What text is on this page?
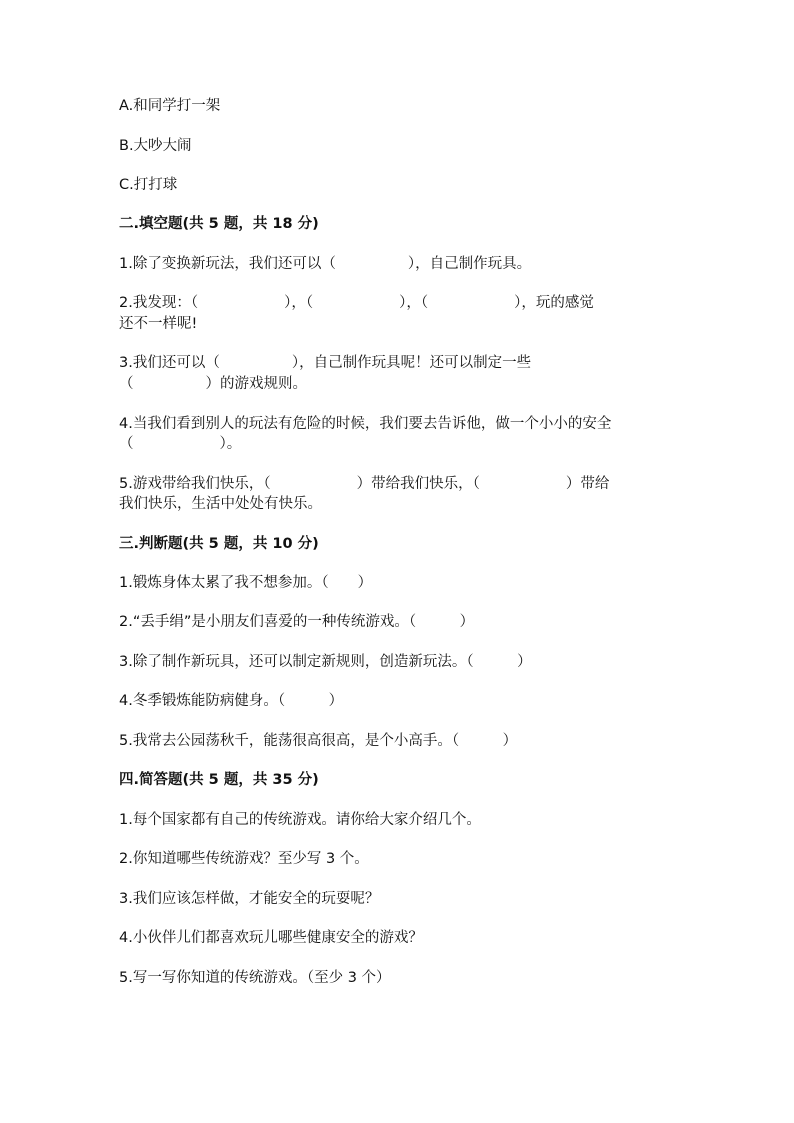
A.和同学打一架
B.大吵大闹
C.打打球
二.填空题(共 5 题，共 18 分)
1.除了变换新玩法，我们还可以（	），自己制作玩具。
2.我发现：（	），（	），（	），玩的感觉
还不一样呢!
3.我们还可以（	），自己制作玩具呢！还可以制定一些
（	）的游戏规则。
4.当我们看到别人的玩法有危险的时候，我们要去告诉他，做一个小小的安全
（	）。
5.游戏带给我们快乐，（	）带给我们快乐，（	）带给
我们快乐，生活中处处有快乐。
三.判断题(共 5 题，共 10 分)
1.锻炼身体太累了我不想参加。（　　）
2.“丢手绢”是小朋友们喜爱的一种传统游戏。（　　　）
3.除了制作新玩具，还可以制定新规则，创造新玩法。（　　　）
4.冬季锻炼能防病健身。（　　　）
5.我常去公园荡秋千，能荡很高很高，是个小高手。（　　　）
四.简答题(共 5 题，共 35 分)
1.每个国家都有自己的传统游戏。请你给大家介绍几个。
2.你知道哪些传统游戏？至少写 3 个。
3.我们应该怎样做，才能安全的玩耍呢？
4.小伙伴儿们都喜欢玩儿哪些健康安全的游戏？
5.写一写你知道的传统游戏。（至少 3 个）
